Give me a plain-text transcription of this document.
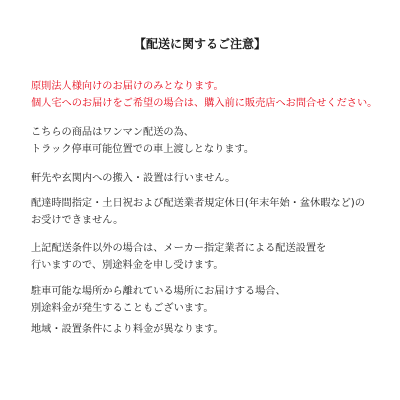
【配送に関するご注意】
原則法人様向けのお届けのみとなります。
個人宅へのお届けをご希望の場合は、購入前に販売店へお問合せください。
こちらの商品はワンマン配送の為、
トラック停車可能位置での車上渡しとなります。
軒先や玄関内への搬入・設置は行いません。
配達時間指定・土日祝および配送業者規定休日(年末年始・盆休暇など)の
お受けできません。
上記配送条件以外の場合は、メーカー指定業者による配送設置を
行いますので、別途料金を申し受けます。
駐車可能な場所から離れている場所にお届けする場合、
別途料金が発生することもございます。
地域・設置条件により料金が異なります。
